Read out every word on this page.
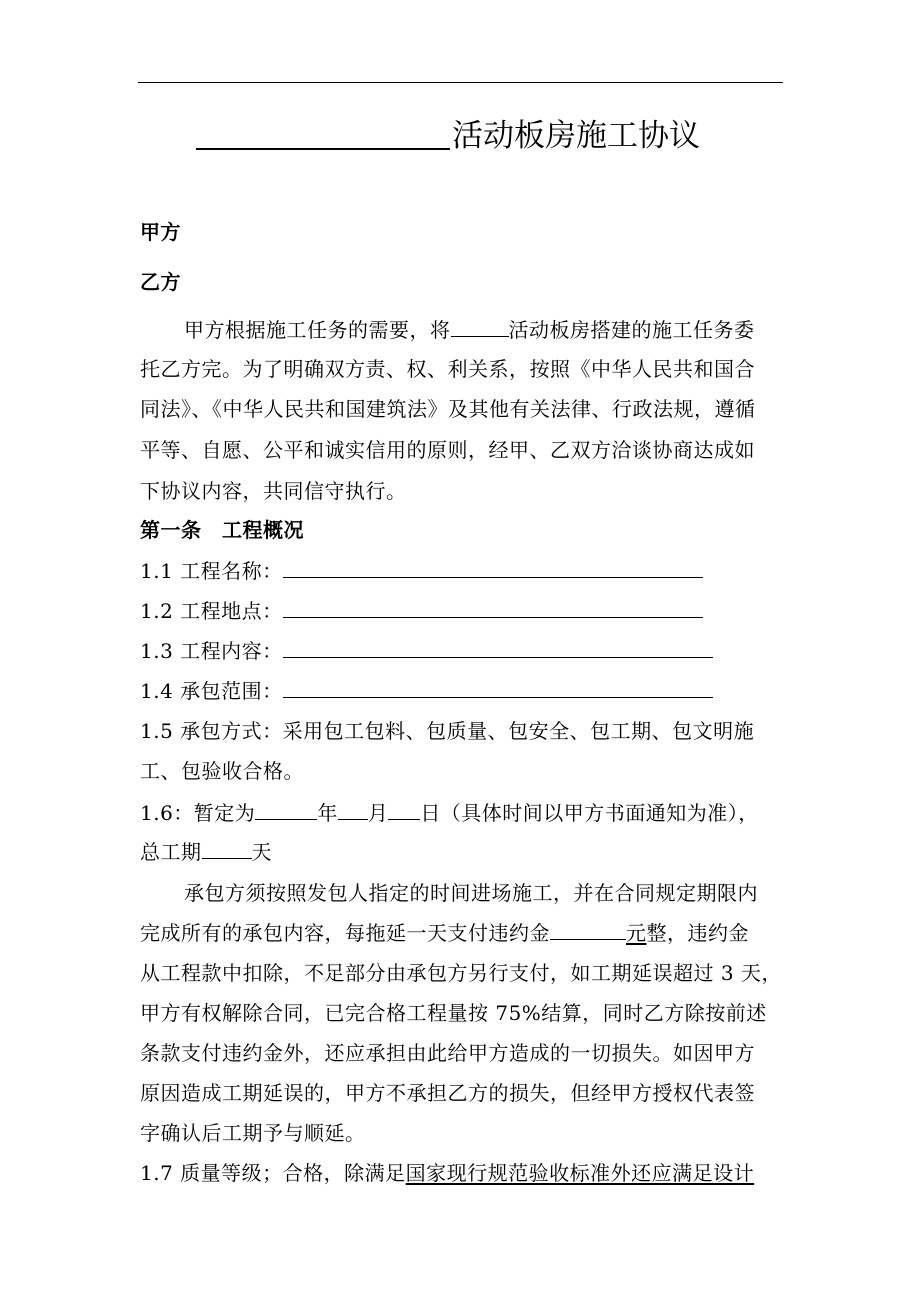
活动板房施工协议
甲方
乙方
甲方根据施工任务的需要，将	活动板房搭建的施工任务委
托乙方完。为了明确双方责、权、利关系，按照《中华人民共和国合
同法》、《中华人民共和国建筑法》及其他有关法律、行政法规，遵循
平等、自愿、公平和诚实信用的原则，经甲、乙双方洽谈协商达成如
下协议内容，共同信守执行。
第一条　工程概况
1.1 工程名称：
1.2 工程地点：
1.3 工程内容：
1.4 承包范围：
1.5 承包方式：采用包工包料、包质量、包安全、包工期、包文明施
工、包验收合格。
1.6：暂定为	年 月 日（具体时间以甲方书面通知为准），
总工期	天
承包方须按照发包人指定的时间进场施工，并在合同规定期限内
完成所有的承包内容，每拖延一天支付违约金	元整，违约金
从工程款中扣除，不足部分由承包方另行支付，如工期延误超过 3 天，
甲方有权解除合同，已完合格工程量按 75%结算，同时乙方除按前述
条款支付违约金外，还应承担由此给甲方造成的一切损失。如因甲方
原因造成工期延误的，甲方不承担乙方的损失，但经甲方授权代表签
字确认后工期予与顺延。
1.7 质量等级；合格，除满足国家现行规范验收标准外还应满足设计
